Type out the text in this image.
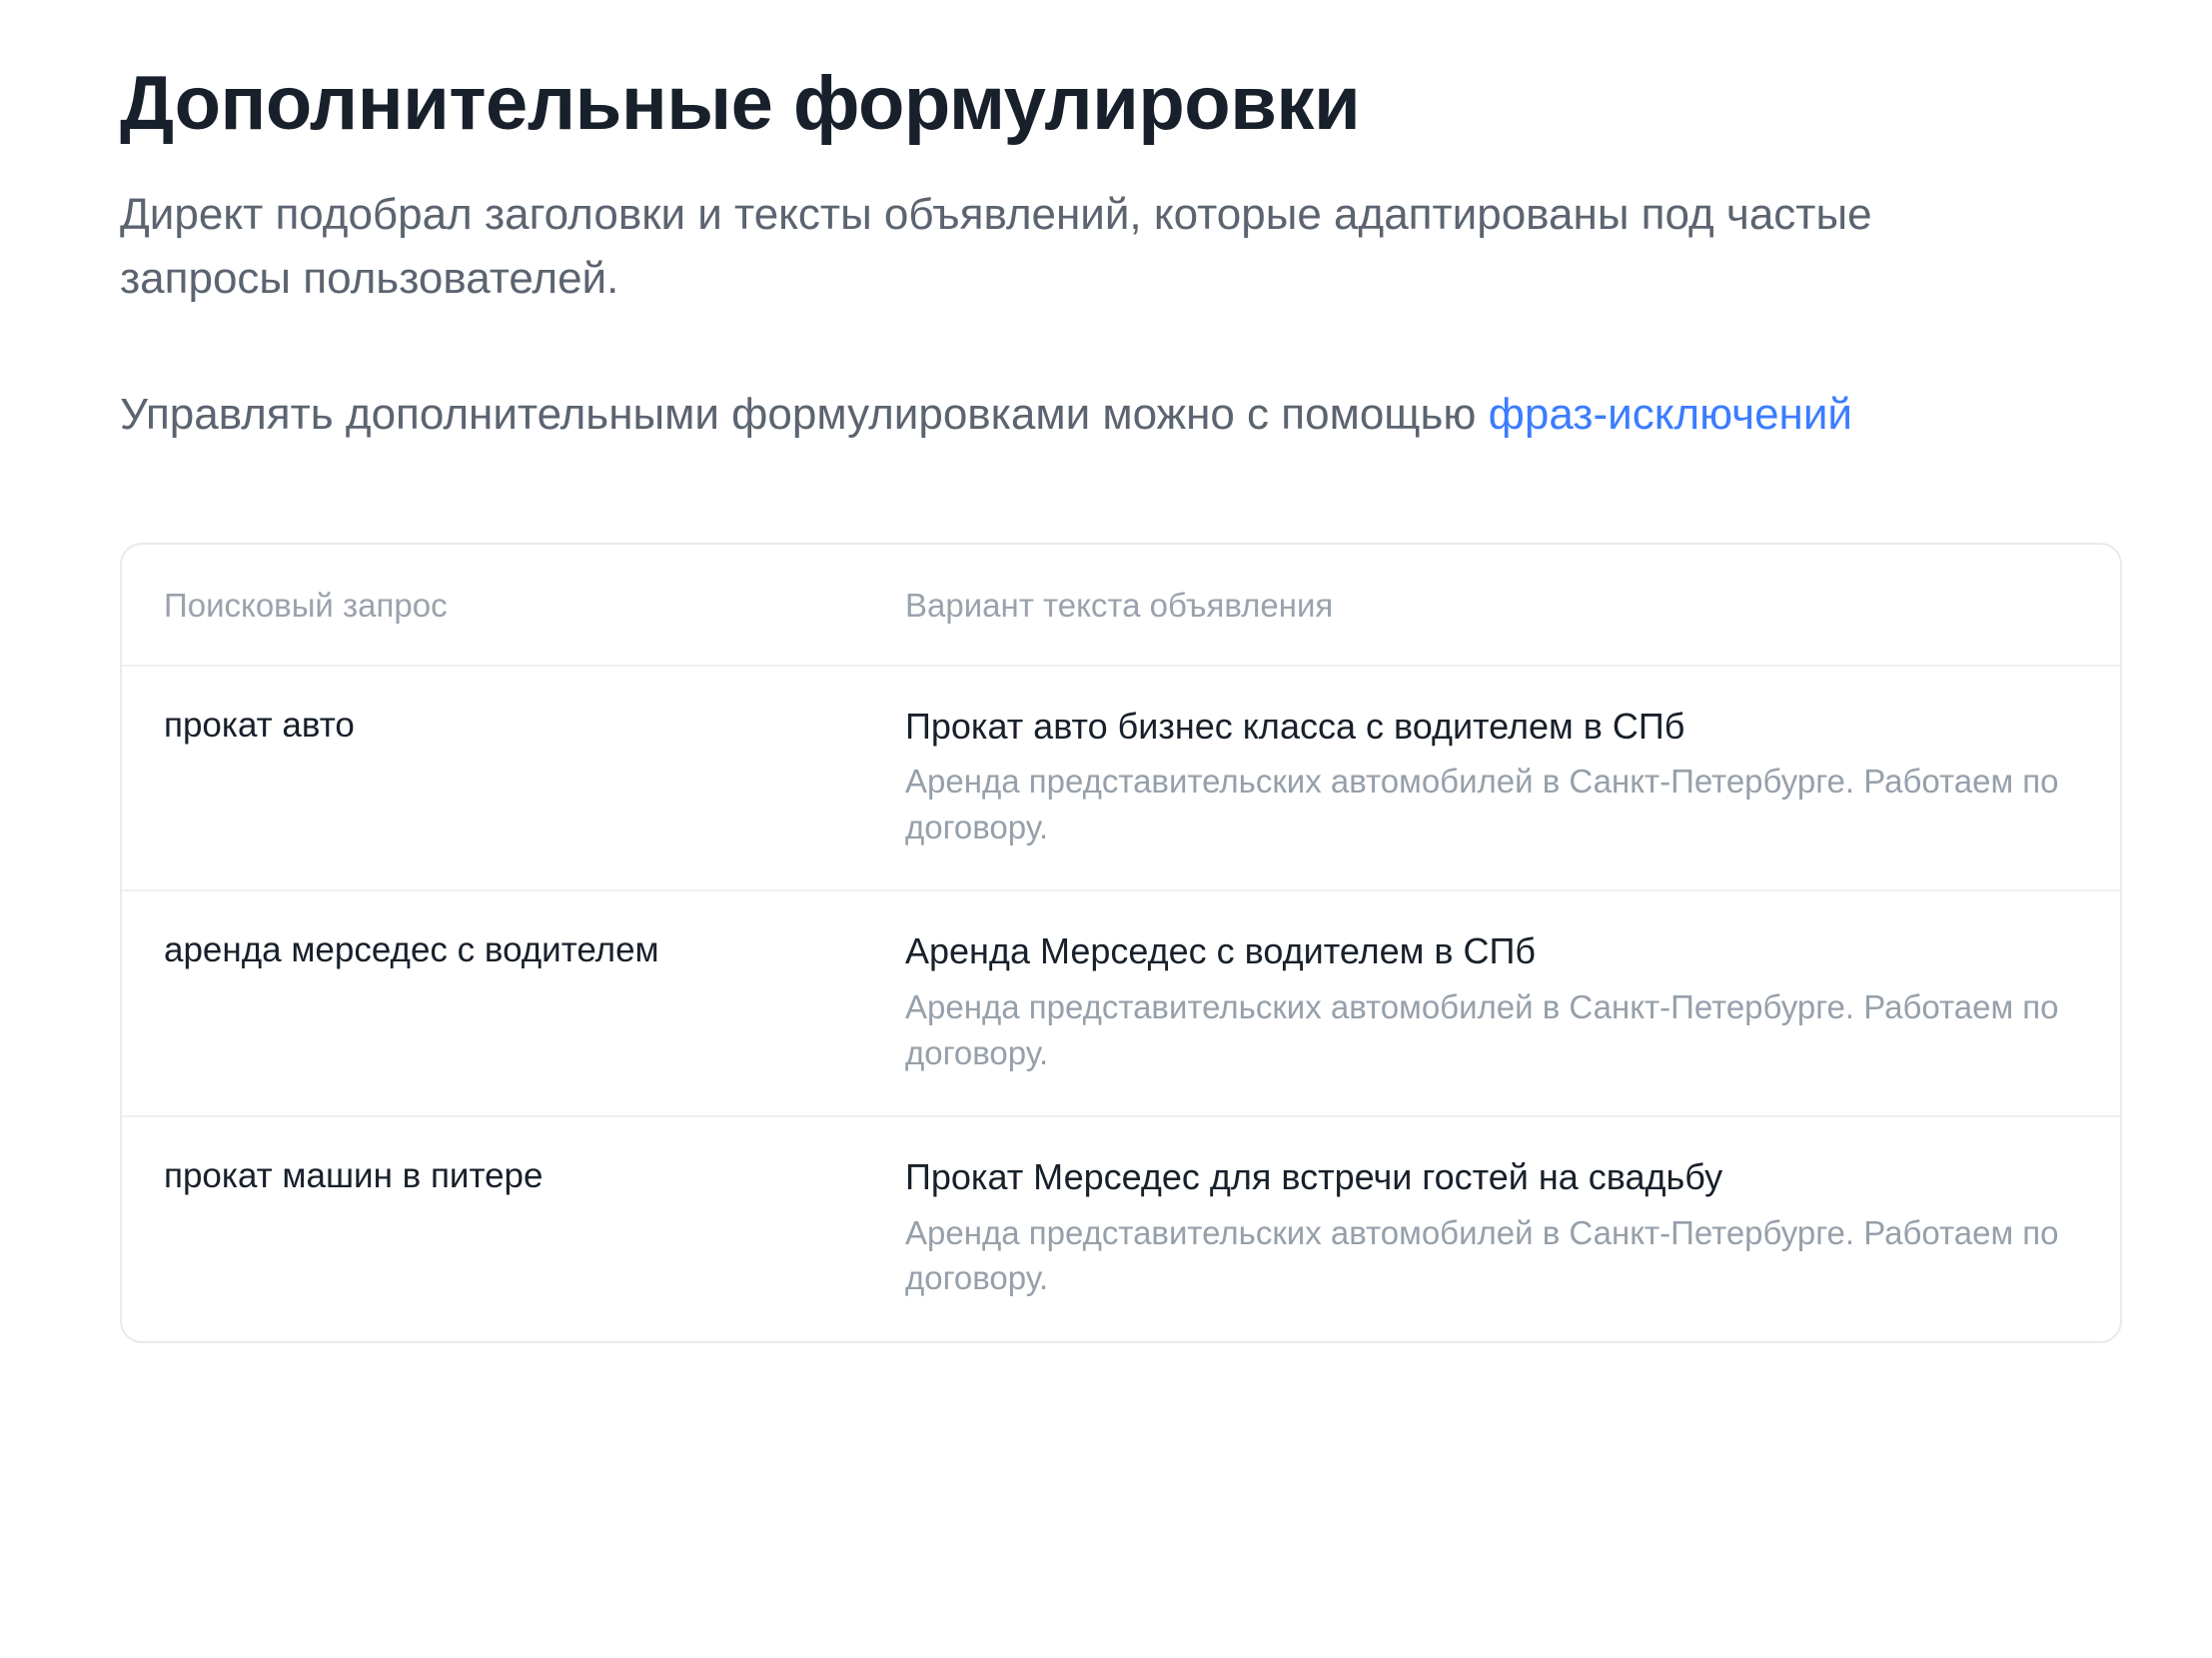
Дополнительные формулировки

Директ подобрал заголовки и тексты объявлений, которые адаптированы под частые запросы пользователей.

Управлять дополнительными формулировками можно с помощью фраз-исключений

Поисковый запрос	Вариант текста объявления

прокат авто	Прокат авто бизнес класса с водителем в СПб
Аренда представительских автомобилей в Санкт-Петербурге. Работаем по договору.

аренда мерседес с водителем	Аренда Мерседес с водителем в СПб
Аренда представительских автомобилей в Санкт-Петербурге. Работаем по договору.

прокат машин в питере	Прокат Мерседес для встречи гостей на свадьбу
Аренда представительских автомобилей в Санкт-Петербурге. Работаем по договору.
